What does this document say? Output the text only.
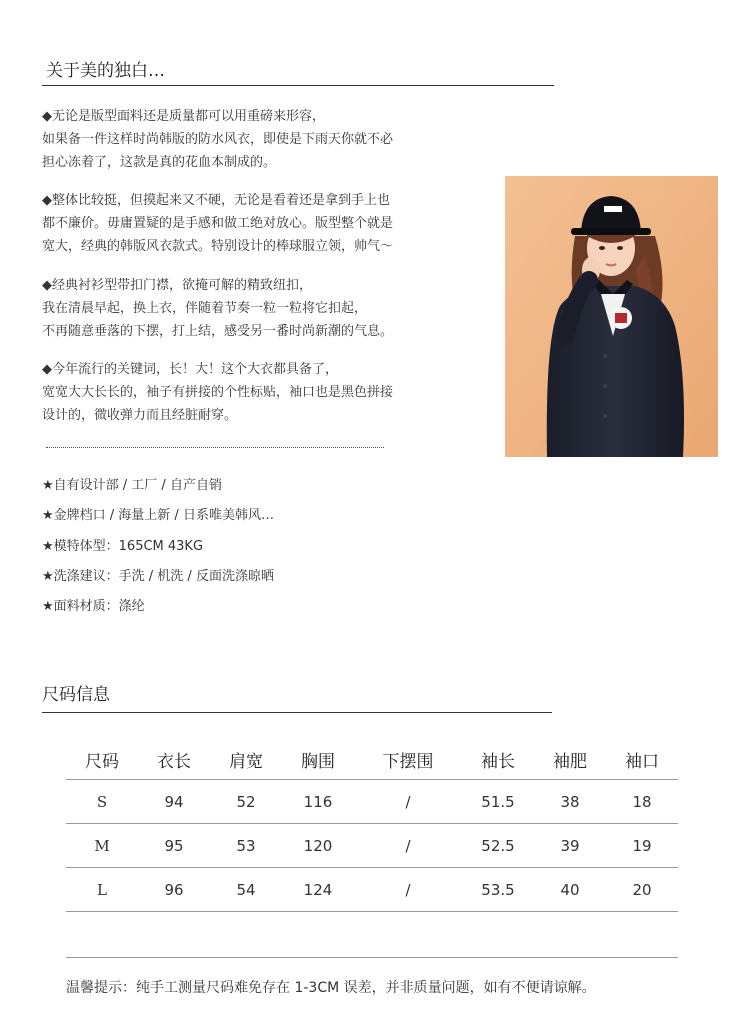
关于美的独白…
◆无论是版型面料还是质量都可以用重磅来形容，
如果备一件这样时尚韩版的防水风衣，即使是下雨天你就不必
担心冻着了，这款是真的花血本制成的。
◆整体比较挺，但摸起来又不硬，无论是看着还是拿到手上也
都不廉价。毋庸置疑的是手感和做工绝对放心。版型整个就是
宽大，经典的韩版风衣款式。特别设计的棒球服立领，帅气～
◆经典衬衫型带扣门襟，欲掩可解的精致纽扣，
我在清晨早起，换上衣，伴随着节奏一粒一粒将它扣起，
不再随意垂落的下摆，打上结，感受另一番时尚新潮的气息。
◆今年流行的关键词，长！大！这个大衣都具备了，
宽宽大大长长的，袖子有拼接的个性标贴，袖口也是黑色拼接
设计的，微收弹力而且经脏耐穿。
★自有设计部 / 工厂 / 自产自销
★金牌档口 / 海量上新 / 日系唯美韩风…
★模特体型：165CM 43KG
★洗涤建议：手洗 / 机洗 / 反面洗涤晾晒
★面料材质：涤纶
尺码信息
尺码	衣长	肩宽	胸围	下摆围	袖长	袖肥	袖口
S	94	52	116	/	51.5	38	18
M	95	53	120	/	52.5	39	19
L	96	54	124	/	53.5	40	20
温馨提示：纯手工测量尺码难免存在 1-3CM 误差，并非质量问题，如有不便请谅解。
